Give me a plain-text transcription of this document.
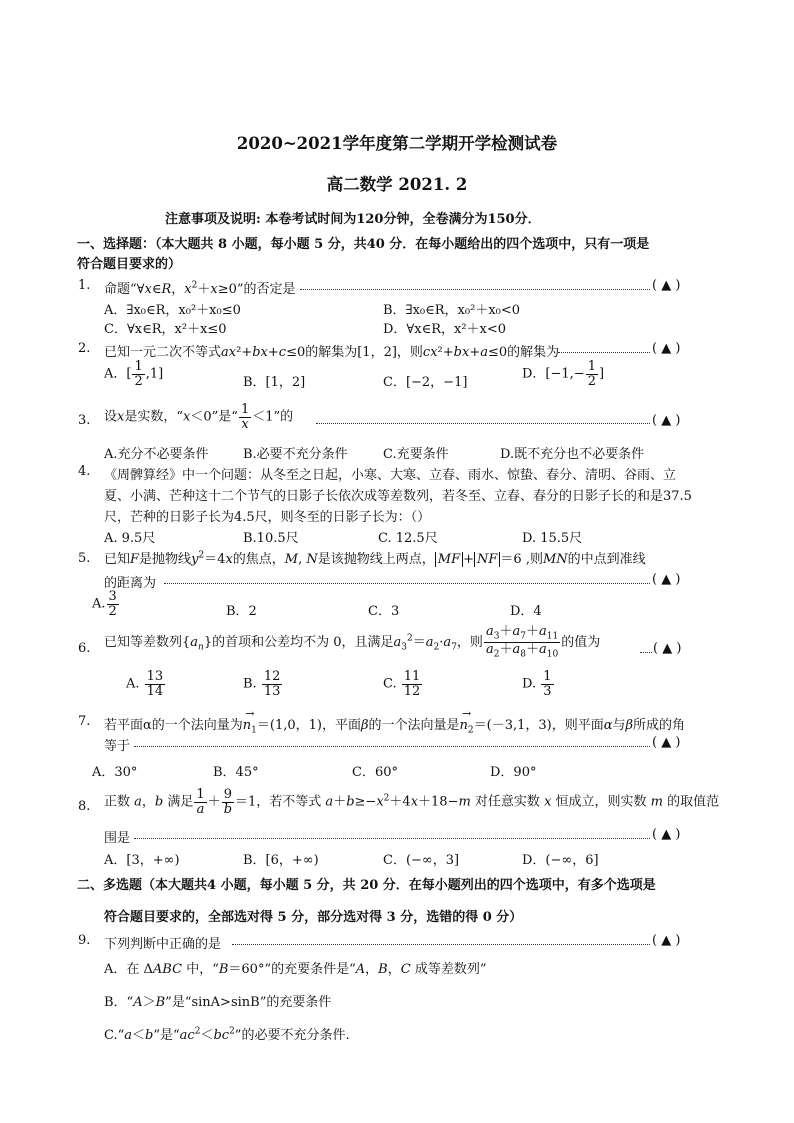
2020~2021学年度第二学期开学检测试卷
高二数学 2021. 2
注意事项及说明: 本卷考试时间为120分钟，全卷满分为150分．
一、选择题：（本大题共 8 小题，每小题 5 分，共40 分．在每小题给出的四个选项中，只有一项是
符合题目要求的）
1. 命题“∀x∈R，$x^2+x\ge 0$”的否定是	( ▲ )
A．∃x₀∈R，x₀²＋x₀≤0	B．∃x₀∈R，x₀²＋x₀<0
C．∀x∈R，x²＋x≤0	D．∀x∈R，x²＋x<0
2. 已知一元二次不等式ax²+bx+c≤0的解集为[1，2]，则cx²+bx+a≤0的解集为	( ▲ )
A．[ $\frac{1}{2} ,1$]
B．[1，2]	C．[−2，−1]
D．[$-1,- \frac{1}{2}$ ]
3. 设x是实数，“x＜0”是“ $\frac{1}{x} <1$”的	( ▲ )
A.充分不必要条件	B.必要不充分条件	C.充要条件	D.既不充分也不必要条件
4. 《周髀算经》中一个问题：从冬至之日起，小寒、大寒、立春、雨水、惊蛰、春分、清明、谷雨、立
夏、小满、芒种这十二个节气的日影子长依次成等差数列，若冬至、立春、春分的日影子长的和是37.5
尺，芒种的日影子长为4.5尺，则冬至的日影子长为：（）
A. 9.5尺	B.10.5尺	C. 12.5尺	D. 15.5尺
5. 已知F是抛物线$y^2=4x$的焦点，M, N是该抛物线上两点， MF + NF ＝6 ,则MN的中点到准线
的距离为	( ▲ )
A. $\frac{3}{2}$	B．2	C．3	D．4
6. 已知等差数列$\{a_n\}$的首项和公差均不为 0，且满足$a_3^2=a_2\cdot a_7$，则 $\frac{a_3+a_7+a_{11}}{a_2+a_8+a_{10}}$ 的值为	( ▲ )
A. $\frac{13}{14}$	B. $\frac{12}{13}$	C. $\frac{11}{12}$	D. $\frac{1}{3}$
7. 若平面α的一个法向量为→ $n_1=(1,0$，1)，平面β的一个法向量是→ $n_2=(-3,1$，3)，则平面α与β所成的角
等于	( ▲ )
A．30°	B．45°	C．60°	D．90°
8. 正数 a，b 满足 $\frac{1}{a} + \frac{9}{b} =1$，若不等式 $a+b\ge-x^2+4x+18-m$ 对任意实数 x 恒成立，则实数 m 的取值范
围是	( ▲ )
A．[3，+∞)	B．[6，+∞)	C．(−∞，3]	D．(−∞，6]
二、多选题（本大题共4 小题，每小题 5 分，共 20 分．在每小题列出的四个选项中，有多个选项是
符合题目要求的，全部选对得 5 分，部分选对得 3 分，选错的得 0 分）
9. 下列判断中正确的是	( ▲ )
A．在 ΔABC 中，“B＝60°”的充要条件是“A，B，C 成等差数列”
B．“A＞B”是“sinA>sinB”的充要条件
C.“a＜b”是“$ac^2<bc^2$”的必要不充分条件.
